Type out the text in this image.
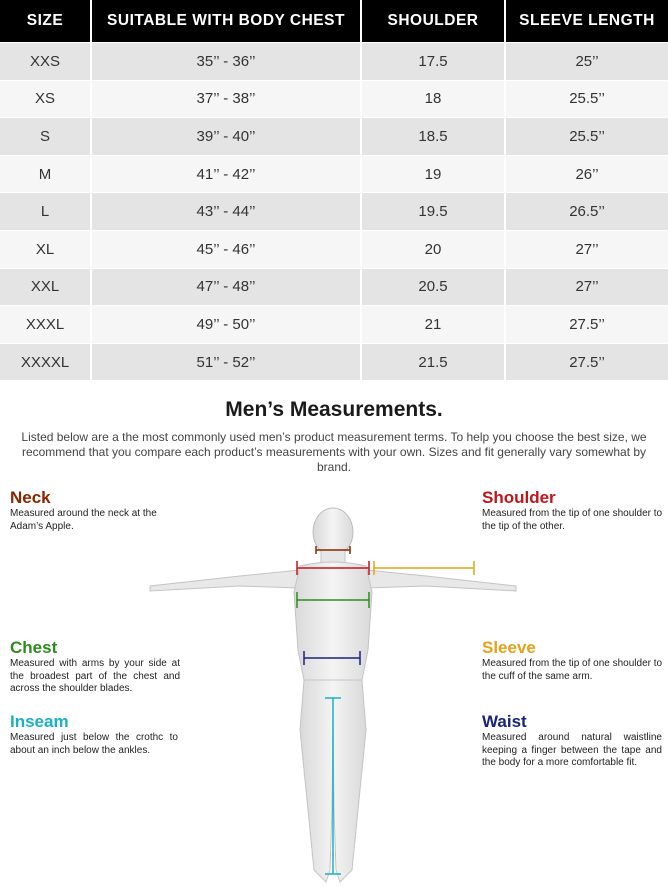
SIZE	SUITABLE WITH BODY CHEST	SHOULDER	SLEEVE LENGTH
XXS	35’’ - 36’’	17.5	25’’
XS	37’’ - 38’’	18	25.5’’
S	39’’ - 40’’	18.5	25.5’’
M	41’’ - 42’’	19	26’’
L	43’’ - 44’’	19.5	26.5’’
XL	45’’ - 46’’	20	27’’
XXL	47’’ - 48’’	20.5	27’’
XXXL	49’’ - 50’’	21	27.5’’
XXXXL	51’’ - 52’’	21.5	27.5’’
Men’s Measurements.
Listed below are a the most commonly used men’s product measurement terms. To help you choose the best size, we recommend that you compare each product’s measurements with your own. Sizes and fit generally vary somewhat by brand.
Neck
Measured around the neck at the Adam’s Apple.
Shoulder
Measured from the tip of one shoulder to the tip of the other.
Chest
Measured with arms by your side at the broadest part of the chest and across the shoulder blades.
Sleeve
Measured from the tip of one shoulder to the cuff of the same arm.
Inseam
Measured just below the crothc to about an inch below the ankles.
Waist
Measured around natural waistline keeping a finger between the tape and the body for a more comfortable fit.
